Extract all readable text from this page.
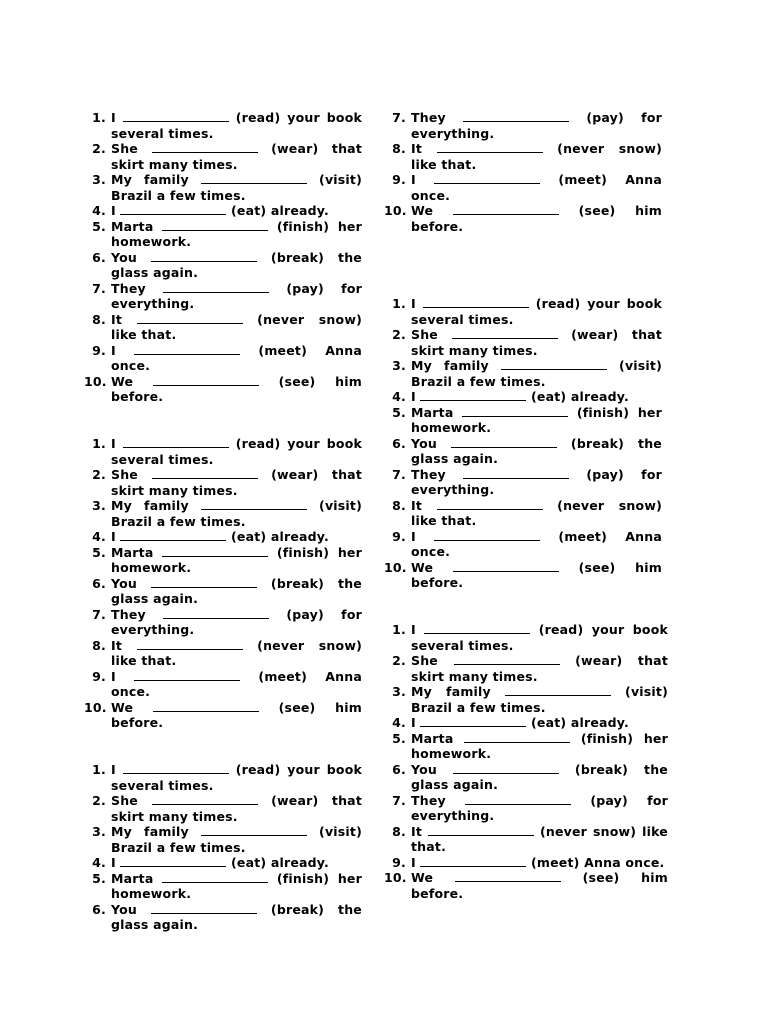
1. I	(read) your book several times.
2. She	(wear) that skirt many times.
3. My family	(visit) Brazil a few times.
4. I	(eat) already.
5. Marta	(finish) her homework.
6. You	(break) the glass again.
7. They	(pay) for everything.
8. It	(never snow) like that.
9. I	(meet) Anna once.
10. We	(see) him before.
1. I	(read) your book several times.
2. She	(wear) that skirt many times.
3. My family	(visit) Brazil a few times.
4. I	(eat) already.
5. Marta	(finish) her homework.
6. You	(break) the glass again.
7. They	(pay) for everything.
8. It	(never snow) like that.
9. I	(meet) Anna once.
10. We	(see) him before.
1. I	(read) your book several times.
2. She	(wear) that skirt many times.
3. My family	(visit) Brazil a few times.
4. I	(eat) already.
5. Marta	(finish) her homework.
6. You	(break) the glass again.
7. They	(pay) for everything.
8. It	(never snow) like that.
9. I	(meet) Anna once.
10. We	(see) him before.
1. I	(read) your book several times.
2. She	(wear) that skirt many times.
3. My family	(visit) Brazil a few times.
4. I	(eat) already.
5. Marta	(finish) her homework.
6. You	(break) the glass again.
7. They	(pay) for everything.
8. It	(never snow) like that.
9. I	(meet) Anna once.
10. We	(see) him before.
1. I	(read) your book several times.
2. She	(wear) that skirt many times.
3. My family	(visit) Brazil a few times.
4. I	(eat) already.
5. Marta	(finish) her homework.
6. You	(break) the glass again.
7. They	(pay) for everything.
8. It	(never snow) like that.
9. I	(meet) Anna once.
10. We	(see) him before.
